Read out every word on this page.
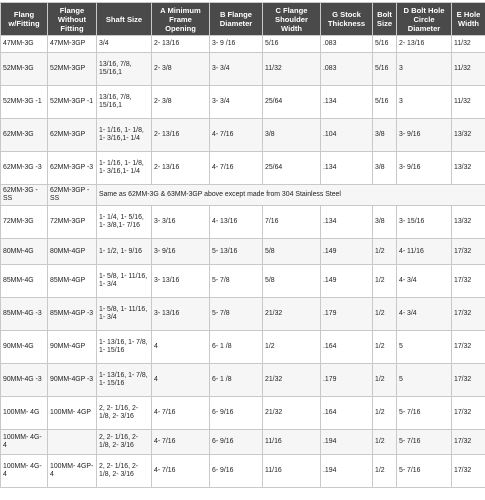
Flang w/Fitting	Flange Without Fitting	Shaft Size	A Minimum Frame Opening	B Flange Diameter	C Flange Shoulder Width	G Stock Thickness	Bolt Size	D Bolt Hole Circle Diameter	E Hole Width
47MM-3G	47MM-3GP	3/4	2- 13/16	3- 9 /16	5/16	.083	5/16	2- 13/16	11/32
52MM-3G	52MM-3GP	13/16, 7/8, 15/16,1	2- 3/8	3- 3/4	11/32	.083	5/16	3	11/32
52MM-3G -1	52MM-3GP -1	13/16, 7/8, 15/16,1	2- 3/8	3- 3/4	25/64	.134	5/16	3	11/32
62MM-3G	62MM-3GP	1- 1/16, 1- 1/8, 1- 3/16,1- 1/4	2- 13/16	4- 7/16	3/8	.104	3/8	3- 9/16	13/32
62MM-3G -3	62MM-3GP -3	1- 1/16, 1- 1/8, 1- 3/16,1- 1/4	2- 13/16	4- 7/16	25/64	.134	3/8	3- 9/16	13/32
62MM-3G -SS	62MM-3GP -SS	Same as 62MM-3G & 63MM-3GP above except made from 304 Stainless Steel							
72MM-3G	72MM-3GP	1- 1/4, 1- 5/16, 1- 3/8,1- 7/16	3- 3/16	4- 13/16	7/16	.134	3/8	3- 15/16	13/32
80MM-4G	80MM-4GP	1- 1/2, 1- 9/16	3- 9/16	5- 13/16	5/8	.149	1/2	4- 11/16	17/32
85MM-4G	85MM-4GP	1- 5/8, 1- 11/16, 1- 3/4	3- 13/16	5- 7/8	5/8	.149	1/2	4- 3/4	17/32
85MM-4G -3	85MM-4GP -3	1- 5/8, 1- 11/16, 1- 3/4	3- 13/16	5- 7/8	21/32	.179	1/2	4- 3/4	17/32
90MM-4G	90MM-4GP	1- 13/16, 1- 7/8, 1- 15/16	4	6- 1 /8	1/2	.164	1/2	5	17/32
90MM-4G -3	90MM-4GP -3	1- 13/16, 1- 7/8, 1- 15/16	4	6- 1 /8	21/32	.179	1/2	5	17/32
100MM- 4G	100MM- 4GP	2, 2- 1/16, 2-1/8, 2- 3/16	4- 7/16	6- 9/16	21/32	.164	1/2	5- 7/16	17/32
100MM- 4G-4		2, 2- 1/16, 2-1/8, 2- 3/16	4- 7/16	6- 9/16	11/16	.194	1/2	5- 7/16	17/32
100MM- 4G-4	100MM- 4GP-4	2, 2- 1/16, 2-1/8, 2- 3/16	4- 7/16	6- 9/16	11/16	.194	1/2	5- 7/16	17/32
